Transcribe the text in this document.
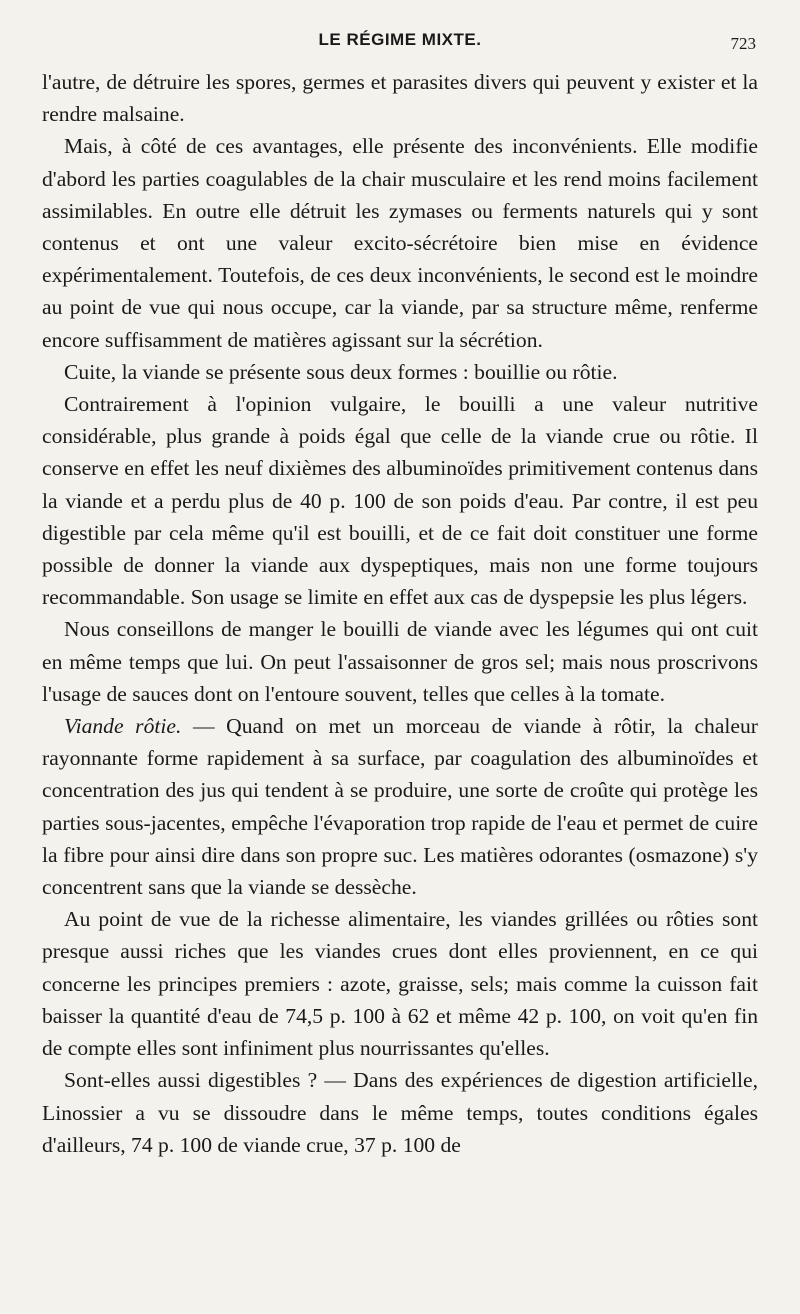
LE RÉGIME MIXTE.	723

l'autre, de détruire les spores, germes et parasites divers qui peuvent y exister et la rendre malsaine.

Mais, à côté de ces avantages, elle présente des inconvénients. Elle modifie d'abord les parties coagulables de la chair musculaire et les rend moins facilement assimilables. En outre elle détruit les zymases ou ferments naturels qui y sont contenus et ont une valeur excito-sécrétoire bien mise en évidence expérimentalement. Toutefois, de ces deux inconvénients, le second est le moindre au point de vue qui nous occupe, car la viande, par sa structure même, renferme encore suffisamment de matières agissant sur la sécrétion.

Cuite, la viande se présente sous deux formes : bouillie ou rôtie.

Contrairement à l'opinion vulgaire, le bouilli a une valeur nutritive considérable, plus grande à poids égal que celle de la viande crue ou rôtie. Il conserve en effet les neuf dixièmes des albuminoïdes primitivement contenus dans la viande et a perdu plus de 40 p. 100 de son poids d'eau. Par contre, il est peu digestible par cela même qu'il est bouilli, et de ce fait doit constituer une forme possible de donner la viande aux dyspeptiques, mais non une forme toujours recommandable. Son usage se limite en effet aux cas de dyspepsie les plus légers.

Nous conseillons de manger le bouilli de viande avec les légumes qui ont cuit en même temps que lui. On peut l'assaisonner de gros sel; mais nous proscrivons l'usage de sauces dont on l'entoure souvent, telles que celles à la tomate.

Viande rôtie. — Quand on met un morceau de viande à rôtir, la chaleur rayonnante forme rapidement à sa surface, par coagulation des albuminoïdes et concentration des jus qui tendent à se produire, une sorte de croûte qui protège les parties sous-jacentes, empêche l'évaporation trop rapide de l'eau et permet de cuire la fibre pour ainsi dire dans son propre suc. Les matières odorantes (osmazone) s'y concentrent sans que la viande se dessèche.

Au point de vue de la richesse alimentaire, les viandes grillées ou rôties sont presque aussi riches que les viandes crues dont elles proviennent, en ce qui concerne les principes premiers : azote, graisse, sels; mais comme la cuisson fait baisser la quantité d'eau de 74,5 p. 100 à 62 et même 42 p. 100, on voit qu'en fin de compte elles sont infiniment plus nourrissantes qu'elles.

Sont-elles aussi digestibles ? — Dans des expériences de digestion artificielle, Linossier a vu se dissoudre dans le même temps, toutes conditions égales d'ailleurs, 74 p. 100 de viande crue, 37 p. 100 de
